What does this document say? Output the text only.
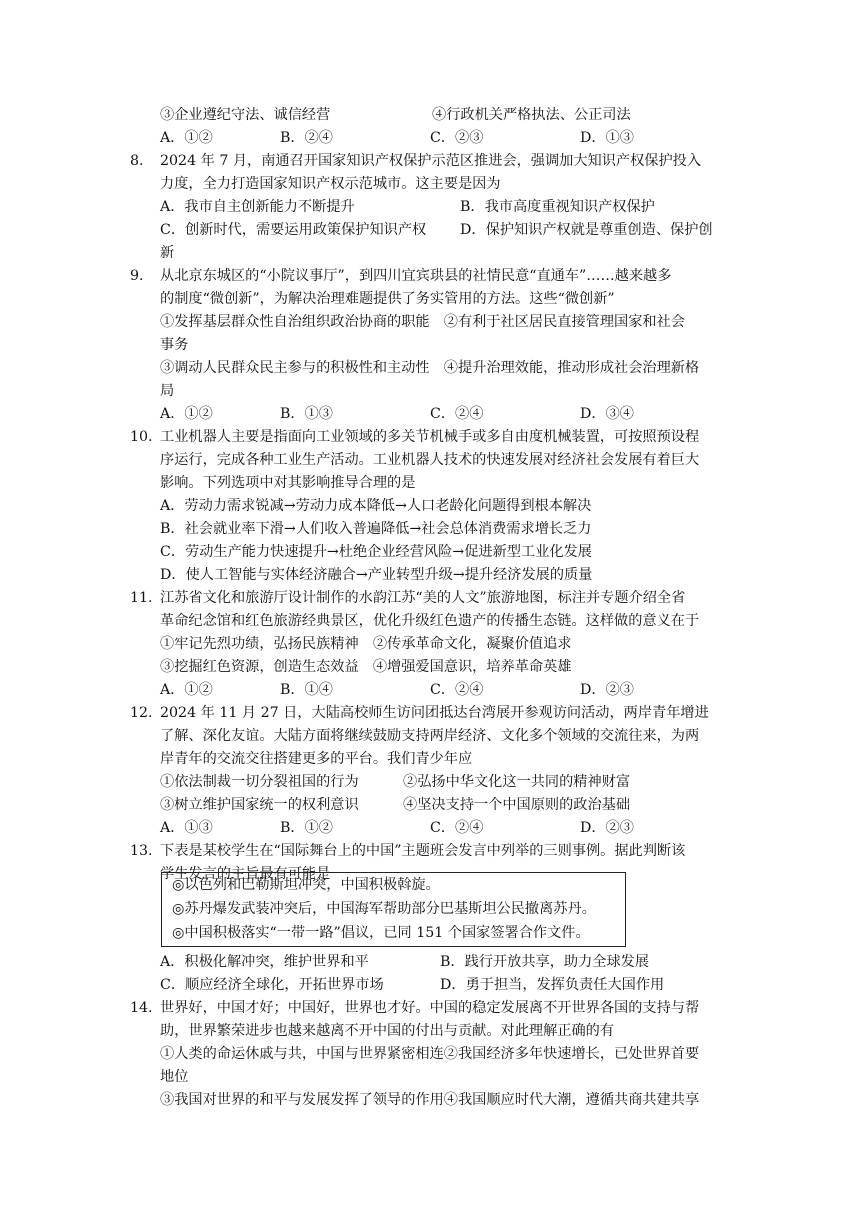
③企业遵纪守法、诚信经营	④行政机关严格执法、公正司法
A．①②	B．②④	C．②③	D．①③
8. 2024 年 7 月，南通召开国家知识产权保护示范区推进会，强调加大知识产权保护投入
力度，全力打造国家知识产权示范城市。这主要是因为
A．我市自主创新能力不断提升	B．我市高度重视知识产权保护
C．创新时代，需要运用政策保护知识产权 D．保护知识产权就是尊重创造、保护创
新
9. 从北京东城区的“小院议事厅”，到四川宜宾珙县的社情民意“直通车”……越来越多
的制度“微创新”，为解决治理难题提供了务实管用的方法。这些“微创新”
①发挥基层群众性自治组织政治协商的职能　②有利于社区居民直接管理国家和社会
事务
③调动人民群众民主参与的积极性和主动性　④提升治理效能，推动形成社会治理新格
局
A．①②	B．①③	C．②④	D．③④
10. 工业机器人主要是指面向工业领域的多关节机械手或多自由度机械装置，可按照预设程
序运行，完成各种工业生产活动。工业机器人技术的快速发展对经济社会发展有着巨大
影响。下列选项中对其影响推导合理的是
A．劳动力需求锐减→劳动力成本降低→人口老龄化问题得到根本解决
B．社会就业率下滑→人们收入普遍降低→社会总体消费需求增长乏力
C．劳动生产能力快速提升→杜绝企业经营风险→促进新型工业化发展
D．使人工智能与实体经济融合→产业转型升级→提升经济发展的质量
11. 江苏省文化和旅游厅设计制作的水韵江苏“美的人文”旅游地图，标注并专题介绍全省
革命纪念馆和红色旅游经典景区，优化升级红色遗产的传播生态链。这样做的意义在于
①牢记先烈功绩，弘扬民族精神　②传承革命文化，凝聚价值追求
③挖掘红色资源，创造生态效益　④增强爱国意识，培养革命英雄
A．①②	B．①④	C．②④	D．②③
12. 2024 年 11 月 27 日，大陆高校师生访问团抵达台湾展开参观访问活动，两岸青年增进
了解、深化友谊。大陆方面将继续鼓励支持两岸经济、文化多个领域的交流往来，为两
岸青年的交流交往搭建更多的平台。我们青少年应
①依法制裁一切分裂祖国的行为	②弘扬中华文化这一共同的精神财富
③树立维护国家统一的权利意识	④坚决支持一个中国原则的政治基础
A．①③	B．①②	C．②④	D．②③
13. 下表是某校学生在“国际舞台上的中国”主题班会发言中列举的三则事例。据此判断该
学生发言的主旨最有可能是
◎以色列和巴勒斯坦冲突，中国积极斡旋。
◎苏丹爆发武装冲突后，中国海军帮助部分巴基斯坦公民撤离苏丹。
◎中国积极落实“一带一路”倡议，已同 151 个国家签署合作文件。
A．积极化解冲突，维护世界和平	B．践行开放共享，助力全球发展
C．顺应经济全球化，开拓世界市场	D．勇于担当，发挥负责任大国作用
14. 世界好，中国才好；中国好，世界也才好。中国的稳定发展离不开世界各国的支持与帮
助，世界繁荣进步也越来越离不开中国的付出与贡献。对此理解正确的有
①人类的命运休戚与共，中国与世界紧密相连②我国经济多年快速增长，已处世界首要
地位
③我国对世界的和平与发展发挥了领导的作用④我国顺应时代大潮，遵循共商共建共享
